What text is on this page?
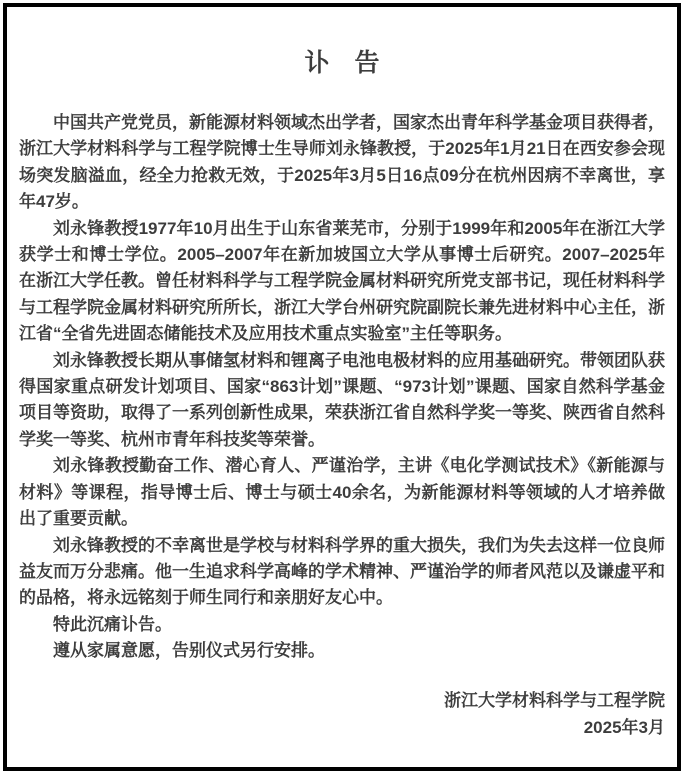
讣　告

中国共产党党员，新能源材料领域杰出学者，国家杰出青年科学基金项目获得者，浙江大学材料科学与工程学院博士生导师刘永锋教授，于2025年1月21日在西安参会现场突发脑溢血，经全力抢救无效，于2025年3月5日16点09分在杭州因病不幸离世，享年47岁。

刘永锋教授1977年10月出生于山东省莱芜市，分别于1999年和2005年在浙江大学获学士和博士学位。2005–2007年在新加坡国立大学从事博士后研究。2007–2025年在浙江大学任教。曾任材料科学与工程学院金属材料研究所党支部书记，现任材料科学与工程学院金属材料研究所所长，浙江大学台州研究院副院长兼先进材料中心主任，浙江省“全省先进固态储能技术及应用技术重点实验室”主任等职务。

刘永锋教授长期从事储氢材料和锂离子电池电极材料的应用基础研究。带领团队获得国家重点研发计划项目、国家“863计划”课题、“973计划”课题、国家自然科学基金项目等资助，取得了一系列创新性成果，荣获浙江省自然科学奖一等奖、陕西省自然科学奖一等奖、杭州市青年科技奖等荣誉。

刘永锋教授勤奋工作、潜心育人、严谨治学，主讲《电化学测试技术》《新能源与材料》等课程，指导博士后、博士与硕士40余名，为新能源材料等领域的人才培养做出了重要贡献。

刘永锋教授的不幸离世是学校与材料科学界的重大损失，我们为失去这样一位良师益友而万分悲痛。他一生追求科学高峰的学术精神、严谨治学的师者风范以及谦虚平和的品格，将永远铭刻于师生同行和亲朋好友心中。

特此沉痛讣告。

遵从家属意愿，告别仪式另行安排。

浙江大学材料科学与工程学院
2025年3月
